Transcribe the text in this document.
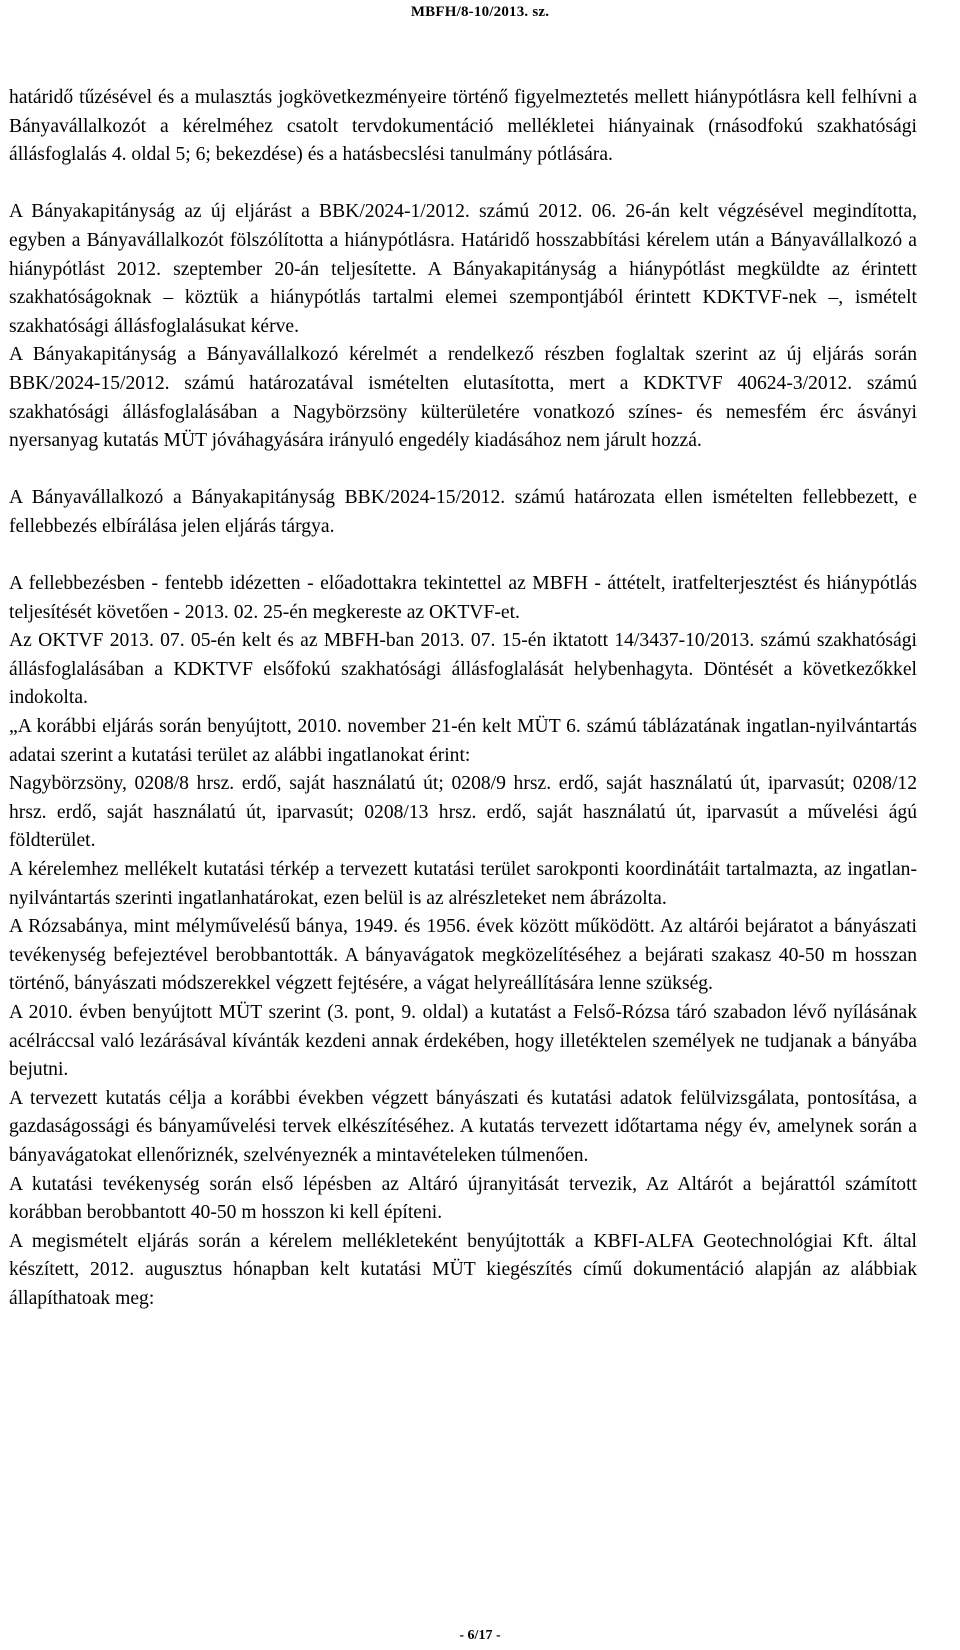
MBFH/8-10/2013. sz.

határidő tűzésével és a mulasztás jogkövetkezményeire történő figyelmeztetés mellett hiánypótlásra kell felhívni a Bányavállalkozót a kérelméhez csatolt tervdokumentáció mellékletei hiányainak (rnásodfokú szakhatósági állásfoglalás 4. oldal 5; 6; bekezdése) és a hatásbecslési tanulmány pótlására.

A Bányakapitányság az új eljárást a BBK/2024-1/2012. számú 2012. 06. 26-án kelt végzésével megindította, egyben a Bányavállalkozót fölszólította a hiánypótlásra. Határidő hosszabbítási kérelem után a Bányavállalkozó a hiánypótlást 2012. szeptember 20-án teljesítette. A Bányakapitányság a hiánypótlást megküldte az érintett szakhatóságoknak – köztük a hiánypótlás tartalmi elemei szempontjából érintett KDKTVF-nek –, ismételt szakhatósági állásfoglalásukat kérve.

A Bányakapitányság a Bányavállalkozó kérelmét a rendelkező részben foglaltak szerint az új eljárás során BBK/2024-15/2012. számú határozatával ismételten elutasította, mert a KDKTVF 40624-3/2012. számú szakhatósági állásfoglalásában a Nagybörzsöny külterületére vonatkozó színes- és nemesfém érc ásványi nyersanyag kutatás MÜT jóváhagyására irányuló engedély kiadásához nem járult hozzá.

A Bányavállalkozó a Bányakapitányság BBK/2024-15/2012. számú határozata ellen ismételten fellebbezett, e fellebbezés elbírálása jelen eljárás tárgya.

A fellebbezésben - fentebb idézetten - előadottakra tekintettel az MBFH - áttételt, iratfelterjesztést és hiánypótlás teljesítését követően - 2013. 02. 25-én megkereste az OKTVF-et.

Az OKTVF 2013. 07. 05-én kelt és az MBFH-ban 2013. 07. 15-én iktatott 14/3437-10/2013. számú szakhatósági állásfoglalásában a KDKTVF elsőfokú szakhatósági állásfoglalását helybenhagyta. Döntését a következőkkel indokolta.

„A korábbi eljárás során benyújtott, 2010. november 21-én kelt MÜT 6. számú táblázatának ingatlan-nyilvántartás adatai szerint a kutatási terület az alábbi ingatlanokat érint:

Nagybörzsöny, 0208/8 hrsz. erdő, saját használatú út; 0208/9 hrsz. erdő, saját használatú út, iparvasút; 0208/12 hrsz. erdő, saját használatú út, iparvasút; 0208/13 hrsz. erdő, saját használatú út, iparvasút a művelési ágú földterület.

A kérelemhez mellékelt kutatási térkép a tervezett kutatási terület sarokponti koordinátáit tartalmazta, az ingatlan-nyilvántartás szerinti ingatlanhatárokat, ezen belül is az alrészleteket nem ábrázolta.

A Rózsabánya, mint mélyművelésű bánya, 1949. és 1956. évek között működött. Az altárói bejáratot a bányászati tevékenység befejeztével berobbantották. A bányavágatok megközelítéséhez a bejárati szakasz 40-50 m hosszan történő, bányászati módszerekkel végzett fejtésére, a vágat helyreállítására lenne szükség.

A 2010. évben benyújtott MÜT szerint (3. pont, 9. oldal) a kutatást a Felső-Rózsa táró szabadon lévő nyílásának acélráccsal való lezárásával kívánták kezdeni annak érdekében, hogy illetéktelen személyek ne tudjanak a bányába bejutni.

A tervezett kutatás célja a korábbi években végzett bányászati és kutatási adatok felülvizsgálata, pontosítása, a gazdaságossági és bányaművelési tervek elkészítéséhez. A kutatás tervezett időtartama négy év, amelynek során a bányavágatokat ellenőriznék, szelvényeznék a mintavételeken túlmenően.

A kutatási tevékenység során első lépésben az Altáró újranyitását tervezik, Az Altárót a bejárattól számított korábban berobbantott 40-50 m hosszon ki kell építeni.

A megismételt eljárás során a kérelem mellékleteként benyújtották a KBFI-ALFA Geotechnológiai Kft. által készített, 2012. augusztus hónapban kelt kutatási MÜT kiegészítés című dokumentáció alapján az alábbiak állapíthatoak meg:

- 6/17 -
